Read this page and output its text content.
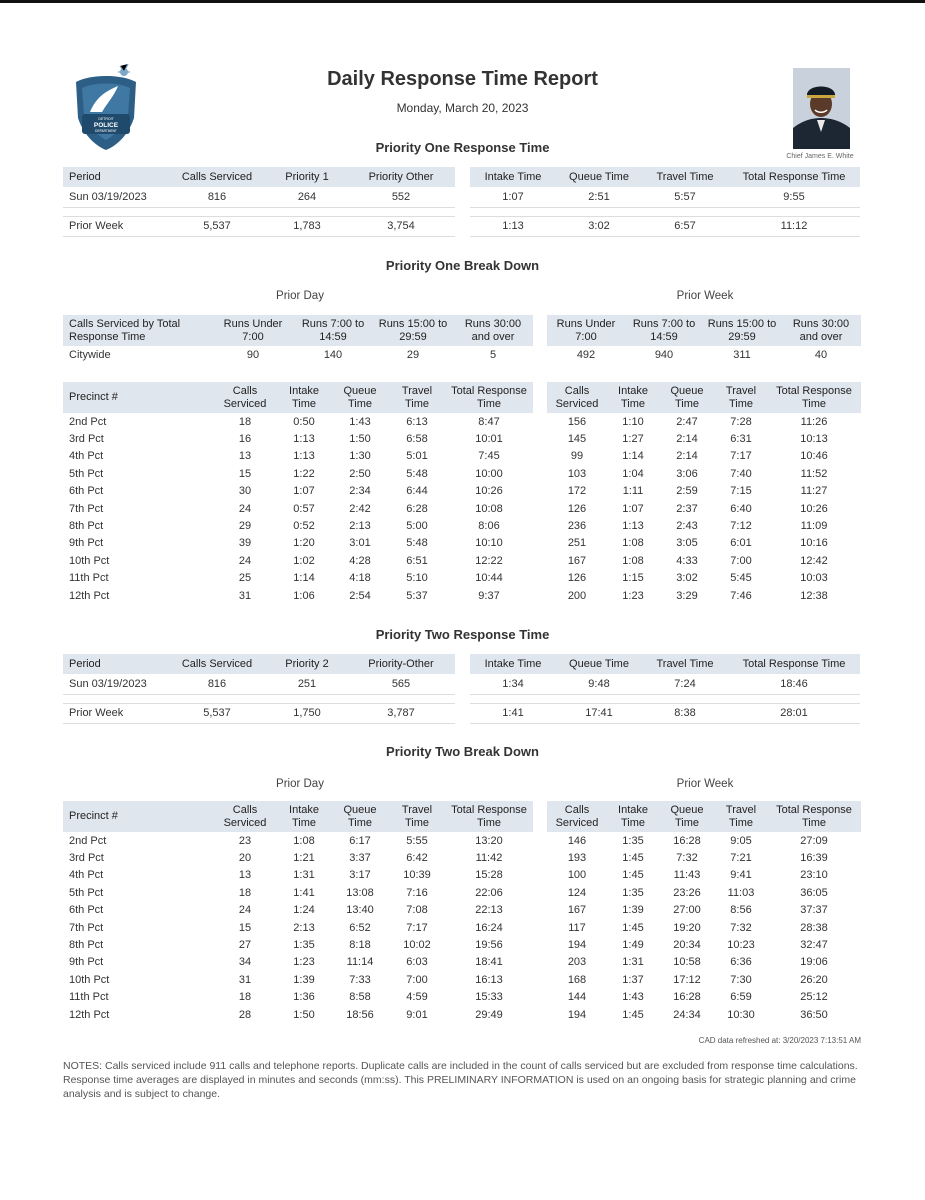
DETROIT
POLICE
DEPARTMENT
Daily Response Time Report
Monday, March 20, 2023
Chief James E. White
Priority One Response Time
Period	Calls Serviced	Priority 1	Priority Other
Sun 03/19/2023	816	264	552

Prior Week	5,537	1,783	3,754
Intake Time	Queue Time	Travel Time	Total Response Time
1:07	2:51	5:57	9:55

1:13	3:02	6:57	11:12
Priority One Break Down
Prior Day	Prior Week
Calls Serviced by Total Response Time	Runs Under 7:00	Runs 7:00 to 14:59	Runs 15:00 to 29:59	Runs 30:00 and over
Citywide	90	140	29	5
Runs Under 7:00	Runs 7:00 to 14:59	Runs 15:00 to 29:59	Runs 30:00 and over
492	940	311	40
Precinct #	Calls Serviced	Intake Time	Queue Time	Travel Time	Total Response Time
2nd Pct	18	0:50	1:43	6:13	8:47
3rd Pct	16	1:13	1:50	6:58	10:01
4th Pct	13	1:13	1:30	5:01	7:45
5th Pct	15	1:22	2:50	5:48	10:00
6th Pct	30	1:07	2:34	6:44	10:26
7th Pct	24	0:57	2:42	6:28	10:08
8th Pct	29	0:52	2:13	5:00	8:06
9th Pct	39	1:20	3:01	5:48	10:10
10th Pct	24	1:02	4:28	6:51	12:22
11th Pct	25	1:14	4:18	5:10	10:44
12th Pct	31	1:06	2:54	5:37	9:37
Calls Serviced	Intake Time	Queue Time	Travel Time	Total Response Time
156	1:10	2:47	7:28	11:26
145	1:27	2:14	6:31	10:13
99	1:14	2:14	7:17	10:46
103	1:04	3:06	7:40	11:52
172	1:11	2:59	7:15	11:27
126	1:07	2:37	6:40	10:26
236	1:13	2:43	7:12	11:09
251	1:08	3:05	6:01	10:16
167	1:08	4:33	7:00	12:42
126	1:15	3:02	5:45	10:03
200	1:23	3:29	7:46	12:38
Priority Two Response Time
Period	Calls Serviced	Priority 2	Priority-Other
Sun 03/19/2023	816	251	565

Prior Week	5,537	1,750	3,787
Intake Time	Queue Time	Travel Time	Total Response Time
1:34	9:48	7:24	18:46

1:41	17:41	8:38	28:01
Priority Two Break Down
Prior Day	Prior Week
Precinct #	Calls Serviced	Intake Time	Queue Time	Travel Time	Total Response Time
2nd Pct	23	1:08	6:17	5:55	13:20
3rd Pct	20	1:21	3:37	6:42	11:42
4th Pct	13	1:31	3:17	10:39	15:28
5th Pct	18	1:41	13:08	7:16	22:06
6th Pct	24	1:24	13:40	7:08	22:13
7th Pct	15	2:13	6:52	7:17	16:24
8th Pct	27	1:35	8:18	10:02	19:56
9th Pct	34	1:23	11:14	6:03	18:41
10th Pct	31	1:39	7:33	7:00	16:13
11th Pct	18	1:36	8:58	4:59	15:33
12th Pct	28	1:50	18:56	9:01	29:49
Calls Serviced	Intake Time	Queue Time	Travel Time	Total Response Time
146	1:35	16:28	9:05	27:09
193	1:45	7:32	7:21	16:39
100	1:45	11:43	9:41	23:10
124	1:35	23:26	11:03	36:05
167	1:39	27:00	8:56	37:37
117	1:45	19:20	7:32	28:38
194	1:49	20:34	10:23	32:47
203	1:31	10:58	6:36	19:06
168	1:37	17:12	7:30	26:20
144	1:43	16:28	6:59	25:12
194	1:45	24:34	10:30	36:50
CAD data refreshed at: 3/20/2023 7:13:51 AM
NOTES: Calls serviced include 911 calls and telephone reports. Duplicate calls are included in the count of calls serviced but are excluded from response time calculations. Response time averages are displayed in minutes and seconds (mm:ss). This PRELIMINARY INFORMATION is used on an ongoing basis for strategic planning and crime analysis and is subject to change.
